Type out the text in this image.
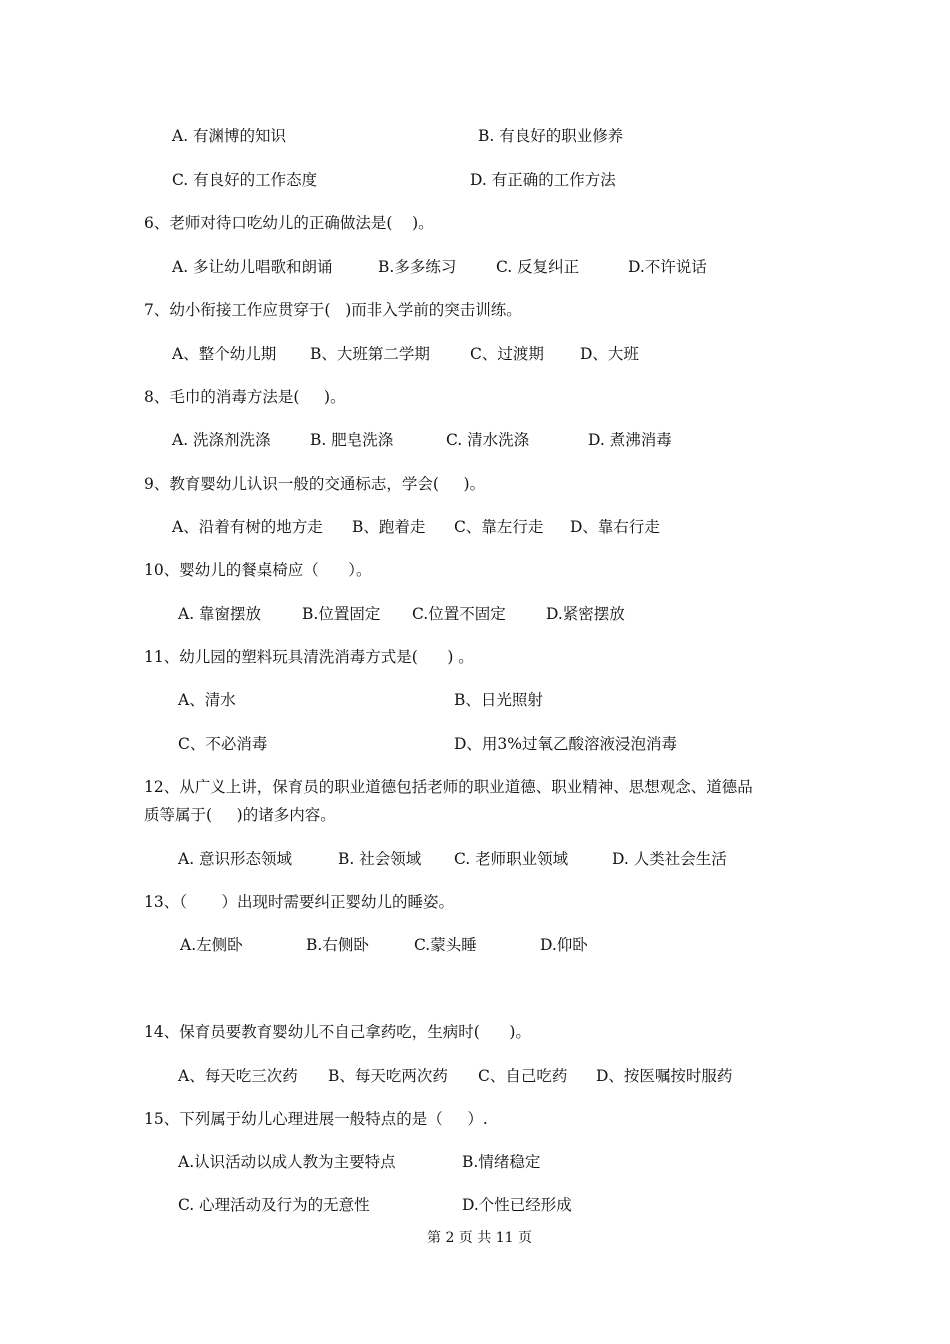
A. 有渊博的知识	B. 有良好的职业修养
C. 有良好的工作态度	D. 有正确的工作方法
6、老师对待口吃幼儿的正确做法是(    )。
A. 多让幼儿唱歌和朗诵	B.多多练习	C. 反复纠正	D.不许说话
7、幼小衔接工作应贯穿于(   )而非入学前的突击训练。
A、整个幼儿期 B、大班第二学期	C、过渡期 D、大班
8、毛巾的消毒方法是(     )。
A. 洗涤剂洗涤	B. 肥皂洗涤	C. 清水洗涤	D. 煮沸消毒
9、教育婴幼儿认识一般的交通标志，学会(     )。
A、沿着有树的地方走 B、跑着走 C、靠左行走 D、靠右行走
10、婴幼儿的餐桌椅应（      ）。
A. 靠窗摆放	B.位置固定 C.位置不固定	D.紧密摆放
11、幼儿园的塑料玩具清洗消毒方式是(      ) 。
A、清水	B、日光照射
C、不必消毒	D、用3%过氧乙酸溶液浸泡消毒
12、从广义上讲，保育员的职业道德包括老师的职业道德、职业精神、思想观念、道德品
质等属于(     )的诸多内容。
A. 意识形态领域	B. 社会领域 C. 老师职业领域	D. 人类社会生活
13、（       ）出现时需要纠正婴幼儿的睡姿。
A.左侧卧	B.右侧卧	C.蒙头睡	D.仰卧
14、保育员要教育婴幼儿不自己拿药吃，生病时(      )。
A、每天吃三次药 B、每天吃两次药 C、自己吃药 D、按医嘱按时服药
15、下列属于幼儿心理进展一般特点的是（     ）.
A.认识活动以成人教为主要特点	B.情绪稳定
C. 心理活动及行为的无意性	D.个性已经形成
第 2 页 共 11 页
